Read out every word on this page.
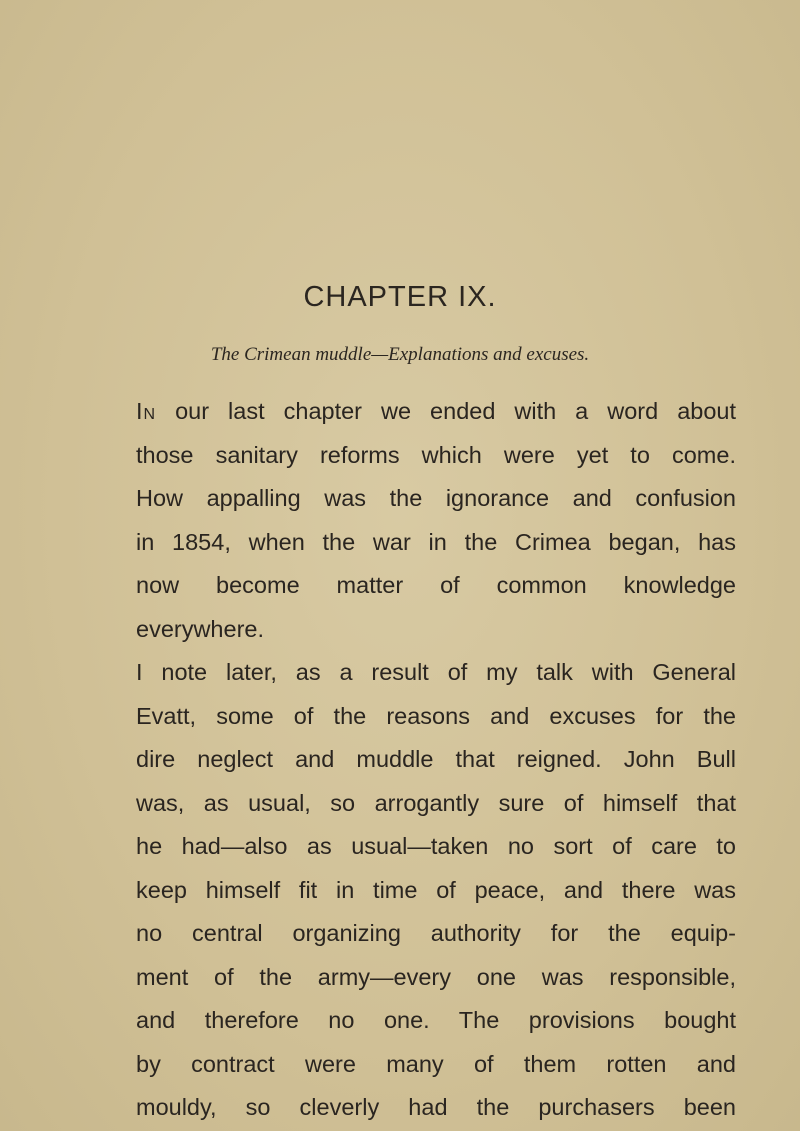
CHAPTER IX.
The Crimean muddle—Explanations and excuses.
In our last chapter we ended with a word about
those sanitary reforms which were yet to come.
How appalling was the ignorance and confusion
in 1854, when the war in the Crimea began, has
now become matter of common knowledge
everywhere.
I note later, as a result of my talk with General
Evatt, some of the reasons and excuses for the
dire neglect and muddle that reigned. John Bull
was, as usual, so arrogantly sure of himself that
he had—also as usual—taken no sort of care to
keep himself fit in time of peace, and there was
no central organizing authority for the equip-
ment of the army—every one was responsible,
and therefore no one. The provisions bought
by contract were many of them rotten and
mouldy, so cleverly had the purchasers been
